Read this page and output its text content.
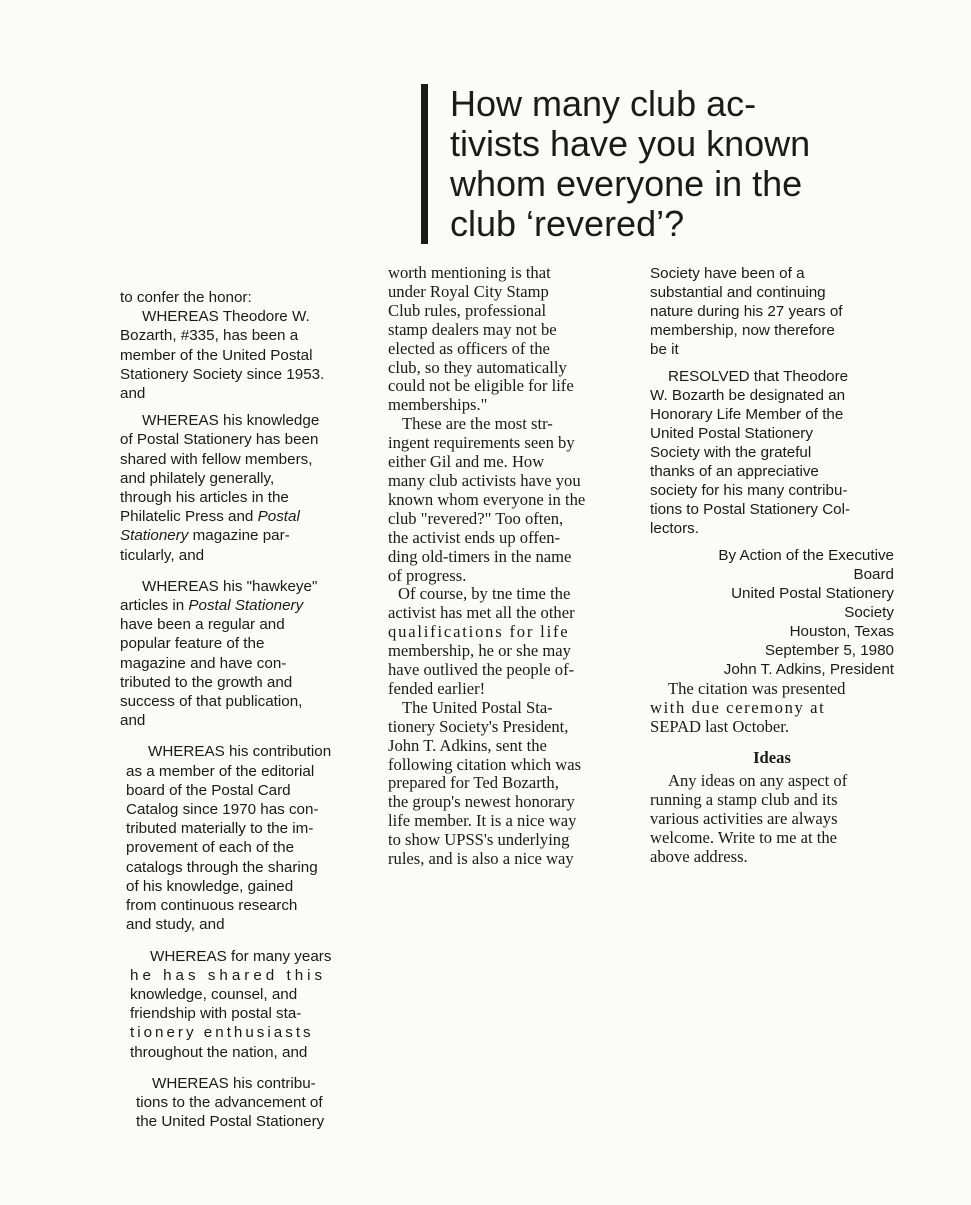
How many club ac-
tivists have you known
whom everyone in the
club ‘revered’?
to confer the honor:
WHEREAS Theodore W.
Bozarth, #335, has been a
member of the United Postal
Stationery Society since 1953.
and
WHEREAS his knowledge
of Postal Stationery has been
shared with fellow members,
and philately generally,
through his articles in the
Philatelic Press and Postal
Stationery magazine par-
ticularly, and
WHEREAS his "hawkeye"
articles in Postal Stationery
have been a regular and
popular feature of the
magazine and have con-
tributed to the growth and
success of that publication,
and
WHEREAS his contribution
as a member of the editorial
board of the Postal Card
Catalog since 1970 has con-
tributed materially to the im-
provement of each of the
catalogs through the sharing
of his knowledge, gained
from continuous research
and study, and
WHEREAS for many years
he has shared this
knowledge, counsel, and
friendship with postal sta-
tionery enthusiasts
throughout the nation, and
WHEREAS his contribu-
tions to the advancement of
the United Postal Stationery
worth mentioning is that
under Royal City Stamp
Club rules, professional
stamp dealers may not be
elected as officers of the
club, so they automatically
could not be eligible for life
memberships."
These are the most str-
ingent requirements seen by
either Gil and me. How
many club activists have you
known whom everyone in the
club "revered?" Too often,
the activist ends up offen-
ding old-timers in the name
of progress.
Of course, by tne time the
activist has met all the other
qualifications for life
membership, he or she may
have outlived the people of-
fended earlier!
The United Postal Sta-
tionery Society's President,
John T. Adkins, sent the
following citation which was
prepared for Ted Bozarth,
the group's newest honorary
life member. It is a nice way
to show UPSS's underlying
rules, and is also a nice way
Society have been of a
substantial and continuing
nature during his 27 years of
membership, now therefore
be it
RESOLVED that Theodore
W. Bozarth be designated an
Honorary Life Member of the
United Postal Stationery
Society with the grateful
thanks of an appreciative
society for his many contribu-
tions to Postal Stationery Col-
lectors.
By Action of the Executive
Board
United Postal Stationery
Society
Houston, Texas
September 5, 1980
John T. Adkins, President
The citation was presented
with due ceremony at
SEPAD last October.
Ideas
Any ideas on any aspect of
running a stamp club and its
various activities are always
welcome. Write to me at the
above address.
